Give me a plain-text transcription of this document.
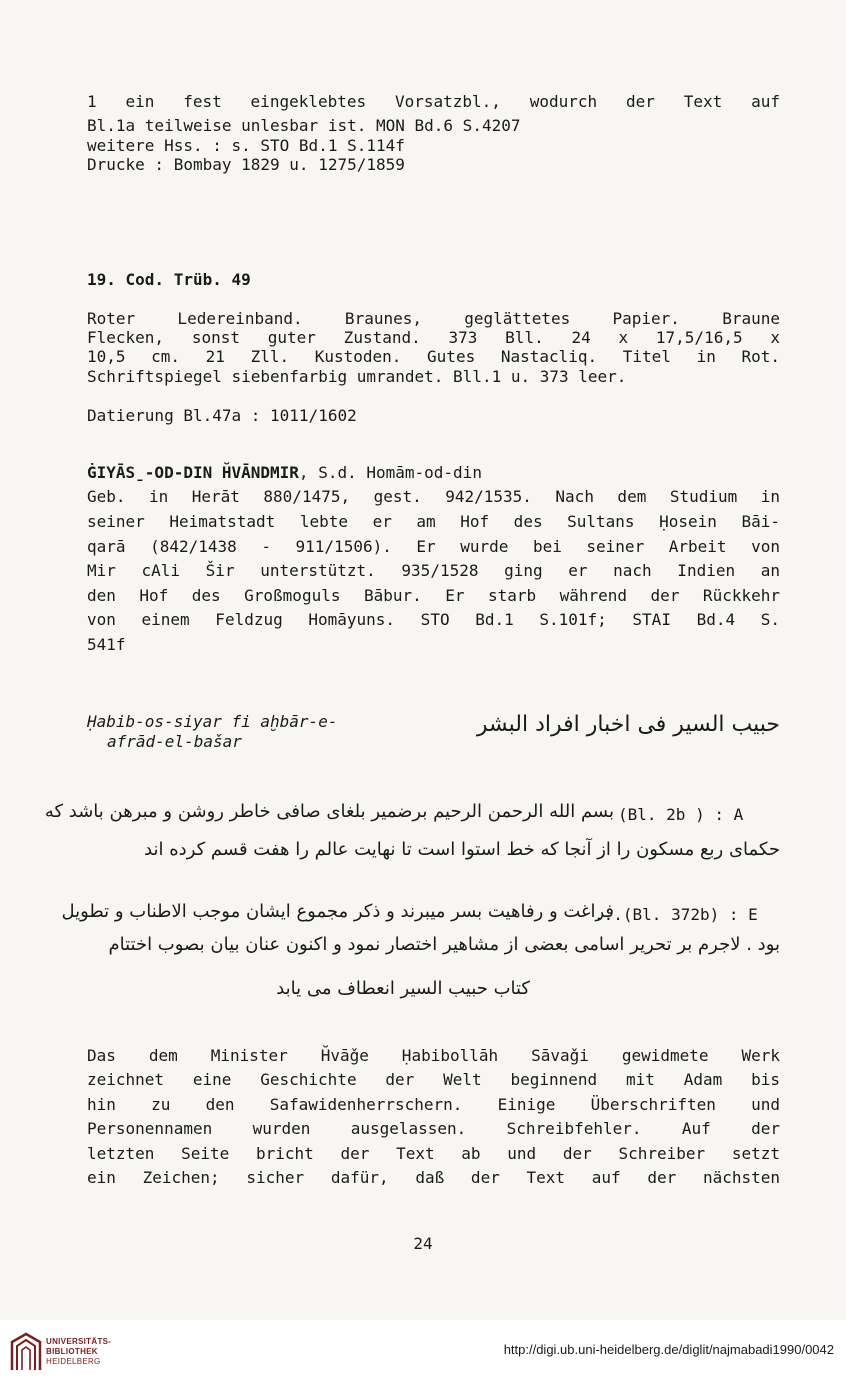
1 ein fest eingeklebtes Vorsatzbl., wodurch der Text auf
Bl.1a teilweise unlesbar ist. MON Bd.6 S.4207
weitere Hss. : s. STO Bd.1 S.114f
Drucke : Bombay 1829 u. 1275/1859
19. Cod. Trüb. 49
Roter Ledereinband. Braunes, geglättetes Papier. Braune
Flecken, sonst guter Zustand. 373 Bll. 24 x 17,5/16,5 x
10,5 cm. 21 Zll. Kustoden. Gutes Nastacliq. Titel in Rot.
Schriftspiegel siebenfarbig umrandet. Bll.1 u. 373 leer.
Datierung Bl.47a : 1011/1602
ĠIYĀS̱-OD-DIN H̆VĀNDMIR, S.d. Homām-od-din
Geb. in Herāt 880/1475, gest. 942/1535. Nach dem Studium in
seiner Heimatstadt lebte er am Hof des Sultans Ḥosein Bāi-
qarā (842/1438 - 911/1506). Er wurde bei seiner Arbeit von
Mir cAli Šir unterstützt. 935/1528 ging er nach Indien an
den Hof des Großmoguls Bābur. Er starb während der Rückkehr
von einem Feldzug Homāyuns. STO Bd.1 S.101f; STAI Bd.4 S.
541f
Ḥabib-os-siyar fi aḫbār-e-
afrād-el-bašar
حبیب السیر فی اخبار افراد البشر
بسم الله الرحمن الرحیم برضمیر بلغای صافی خاطر روشن و مبرهن باشد که (Bl. 2b ) : A
حکمای ربع مسکون را از آنجا که خط استوا است تا نهایت عالم را هفت قسم کرده اند
فراغت و رفاهیت بسر میبرند و ذکر مجموع ایشان موجب الاطناب و تطویل
...(Bl. 372b) : E
بود . لاجرم بر تحریر اسامی بعضی از مشاهیر اختصار نمود و اکنون عنان بیان بصوب اختتام
کتاب حبیب السیر انعطاف می یابد
Das dem Minister H̆vāǧe Ḥabibollāh Sāvaǧi gewidmete Werk
zeichnet eine Geschichte der Welt beginnend mit Adam bis
hin zu den Safawidenherrschern. Einige Überschriften und
Personennamen wurden ausgelassen. Schreibfehler. Auf der
letzten Seite bricht der Text ab und der Schreiber setzt
ein Zeichen; sicher dafür, daß der Text auf der nächsten
24
UNIVERSITÄTS-
BIBLIOTHEK
HEIDELBERG
http://digi.ub.uni-heidelberg.de/diglit/najmabadi1990/0042
